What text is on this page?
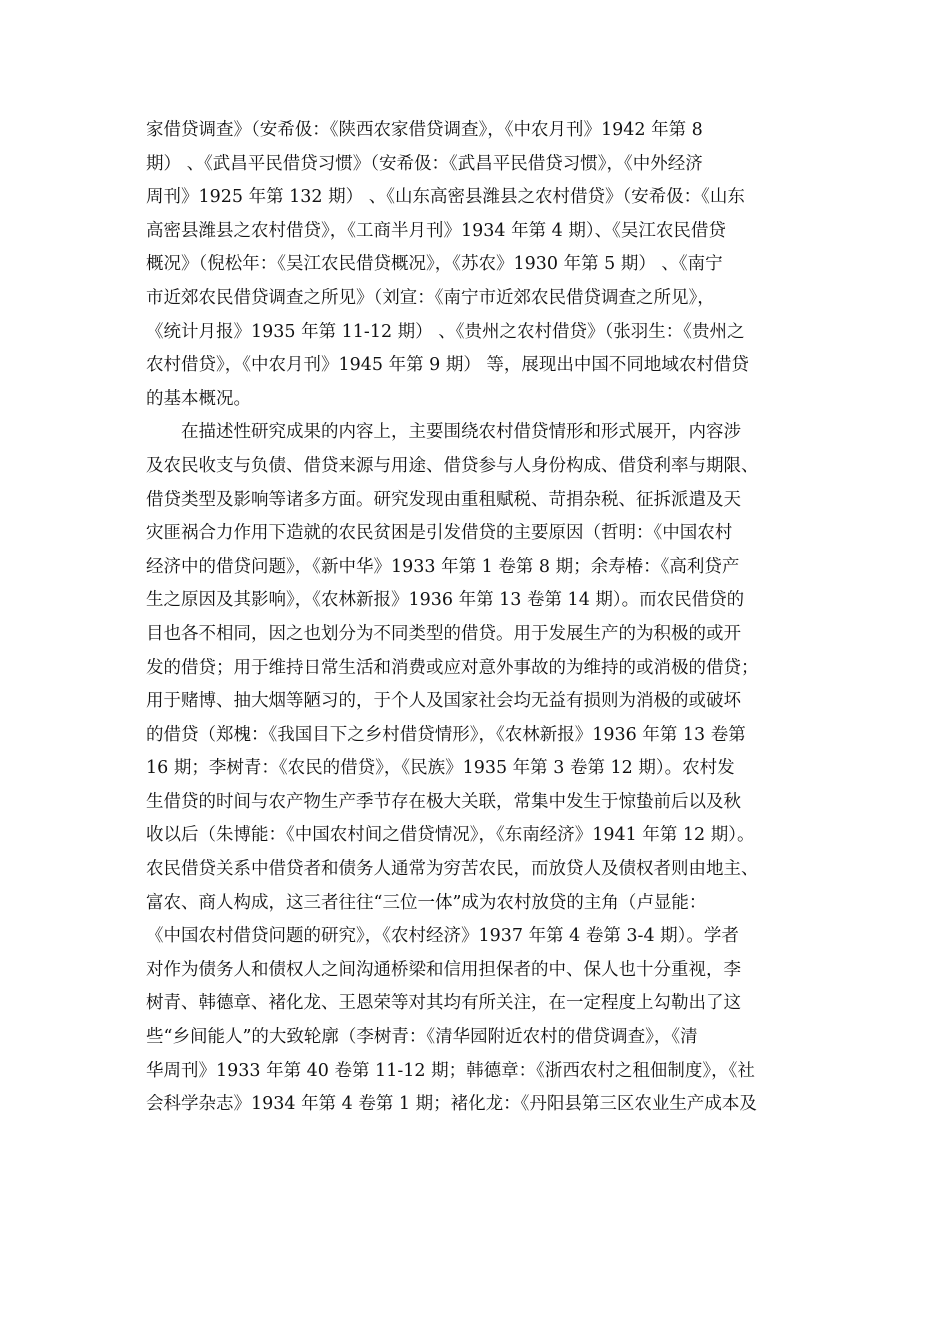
家借贷调查》（安希伋：《陕西农家借贷调查》，《中农月刊》1942 年第 8
期） 、《武昌平民借贷习惯》（安希伋：《武昌平民借贷习惯》，《中外经济
周刊》1925 年第 132 期） 、《山东高密县潍县之农村借贷》（安希伋：《山东
高密县潍县之农村借贷》，《工商半月刊》1934 年第 4 期）、《吴江农民借贷
概况》（倪松年：《吴江农民借贷概况》，《苏农》1930 年第 5 期） 、《南宁
市近郊农民借贷调查之所见》（刘宣：《南宁市近郊农民借贷调查之所见》，
《统计月报》1935 年第 11-12 期） 、《贵州之农村借贷》（张羽生：《贵州之
农村借贷》，《中农月刊》1945 年第 9 期） 等，展现出中国不同地域农村借贷
的基本概况。
在描述性研究成果的内容上，主要围绕农村借贷情形和形式展开，内容涉
及农民收支与负债、借贷来源与用途、借贷参与人身份构成、借贷利率与期限、
借贷类型及影响等诸多方面。研究发现由重租赋税、苛捐杂税、征拆派遣及天
灾匪祸合力作用下造就的农民贫困是引发借贷的主要原因（哲明：《中国农村
经济中的借贷问题》，《新中华》1933 年第 1 卷第 8 期；余寿椿：《高利贷产
生之原因及其影响》，《农林新报》1936 年第 13 卷第 14 期）。而农民借贷的
目也各不相同，因之也划分为不同类型的借贷。用于发展生产的为积极的或开
发的借贷；用于维持日常生活和消费或应对意外事故的为维持的或消极的借贷；
用于赌博、抽大烟等陋习的，于个人及国家社会均无益有损则为消极的或破坏
的借贷（郑槐：《我国目下之乡村借贷情形》，《农林新报》1936 年第 13 卷第
16 期；李树青：《农民的借贷》，《民族》1935 年第 3 卷第 12 期）。农村发
生借贷的时间与农产物生产季节存在极大关联，常集中发生于惊蛰前后以及秋
收以后（朱博能：《中国农村间之借贷情况》，《东南经济》1941 年第 12 期）。
农民借贷关系中借贷者和债务人通常为穷苦农民，而放贷人及债权者则由地主、
富农、商人构成，这三者往往“三位一体”成为农村放贷的主角（卢显能：
《中国农村借贷问题的研究》，《农村经济》1937 年第 4 卷第 3-4 期）。学者
对作为债务人和债权人之间沟通桥梁和信用担保者的中、保人也十分重视，李
树青、韩德章、褚化龙、王恩荣等对其均有所关注，在一定程度上勾勒出了这
些“乡间能人”的大致轮廓（李树青：《清华园附近农村的借贷调查》，《清
华周刊》1933 年第 40 卷第 11-12 期；韩德章：《浙西农村之租佃制度》，《社
会科学杂志》1934 年第 4 卷第 1 期；褚化龙：《丹阳县第三区农业生产成本及
